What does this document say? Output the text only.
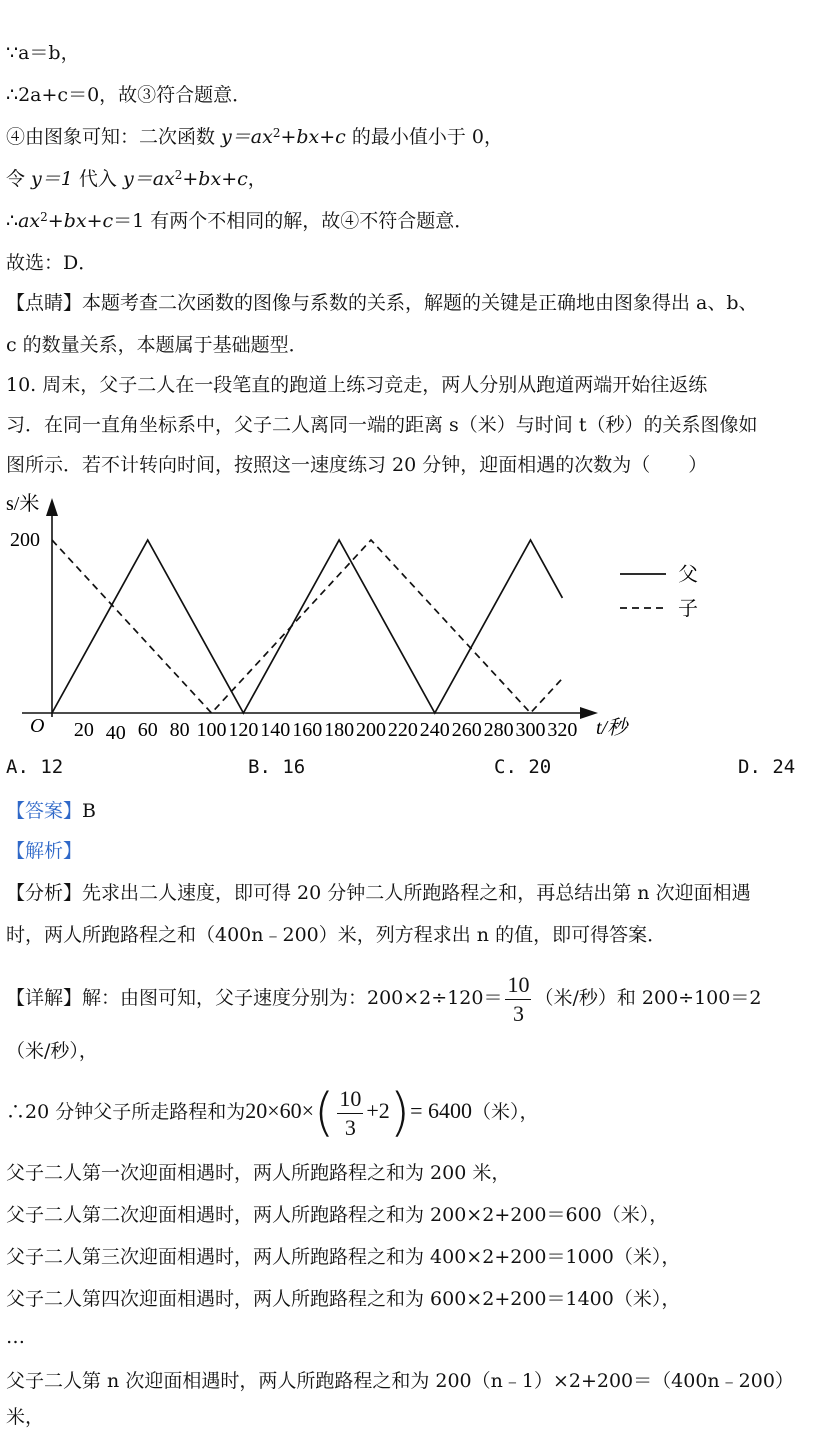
∵a＝b，
∴2a+c＝0，故③符合题意．
④由图象可知：二次函数 $y=ax^2+bx+c$ 的最小值小于 0，
令 y＝1 代入 $y=ax^2+bx+c$，
$\therefore ax^2+bx+c=1$ 有两个不相同的解，故④不符合题意．
故选：D．
【点睛】本题考查二次函数的图像与系数的关系，解题的关键是正确地由图象得出 a、b、
c 的数量关系，本题属于基础题型．
10. 周末，父子二人在一段笔直的跑道上练习竞走，两人分别从跑道两端开始往返练
习．在同一直角坐标系中，父子二人离同一端的距离 s（米）与时间 t（秒）的关系图像如
图所示．若不计转向时间，按照这一速度练习 20 分钟，迎面相遇的次数为（　　）
s/米
t/秒
O
200
20 40 60 80 100 120 140 160 180 200 220 240 260 280 300 320
父
子
A. 12	B. 16	C. 20	D. 24
【答案】B
【解析】
【分析】先求出二人速度，即可得 20 分钟二人所跑路程之和，再总结出第 n 次迎面相遇
时，两人所跑路程之和（400n﹣200）米，列方程求出 n 的值，即可得答案．
【详解】解：由图可知，父子速度分别为：$200\times 2\div 120= \frac{10}{3}$ （米/秒）和 200÷100＝2
（米/秒），
∴20 分钟父子所走路程和为$20\times 60\times( \frac{10}{3} +2)= 6400$（米），
父子二人第一次迎面相遇时，两人所跑路程之和为 200 米，
父子二人第二次迎面相遇时，两人所跑路程之和为 200×2+200＝600（米），
父子二人第三次迎面相遇时，两人所跑路程之和为 400×2+200＝1000（米），
父子二人第四次迎面相遇时，两人所跑路程之和为 600×2+200＝1400（米），
…
父子二人第 n 次迎面相遇时，两人所跑路程之和为 200（n﹣1）×2+200＝（400n﹣200）
米，
